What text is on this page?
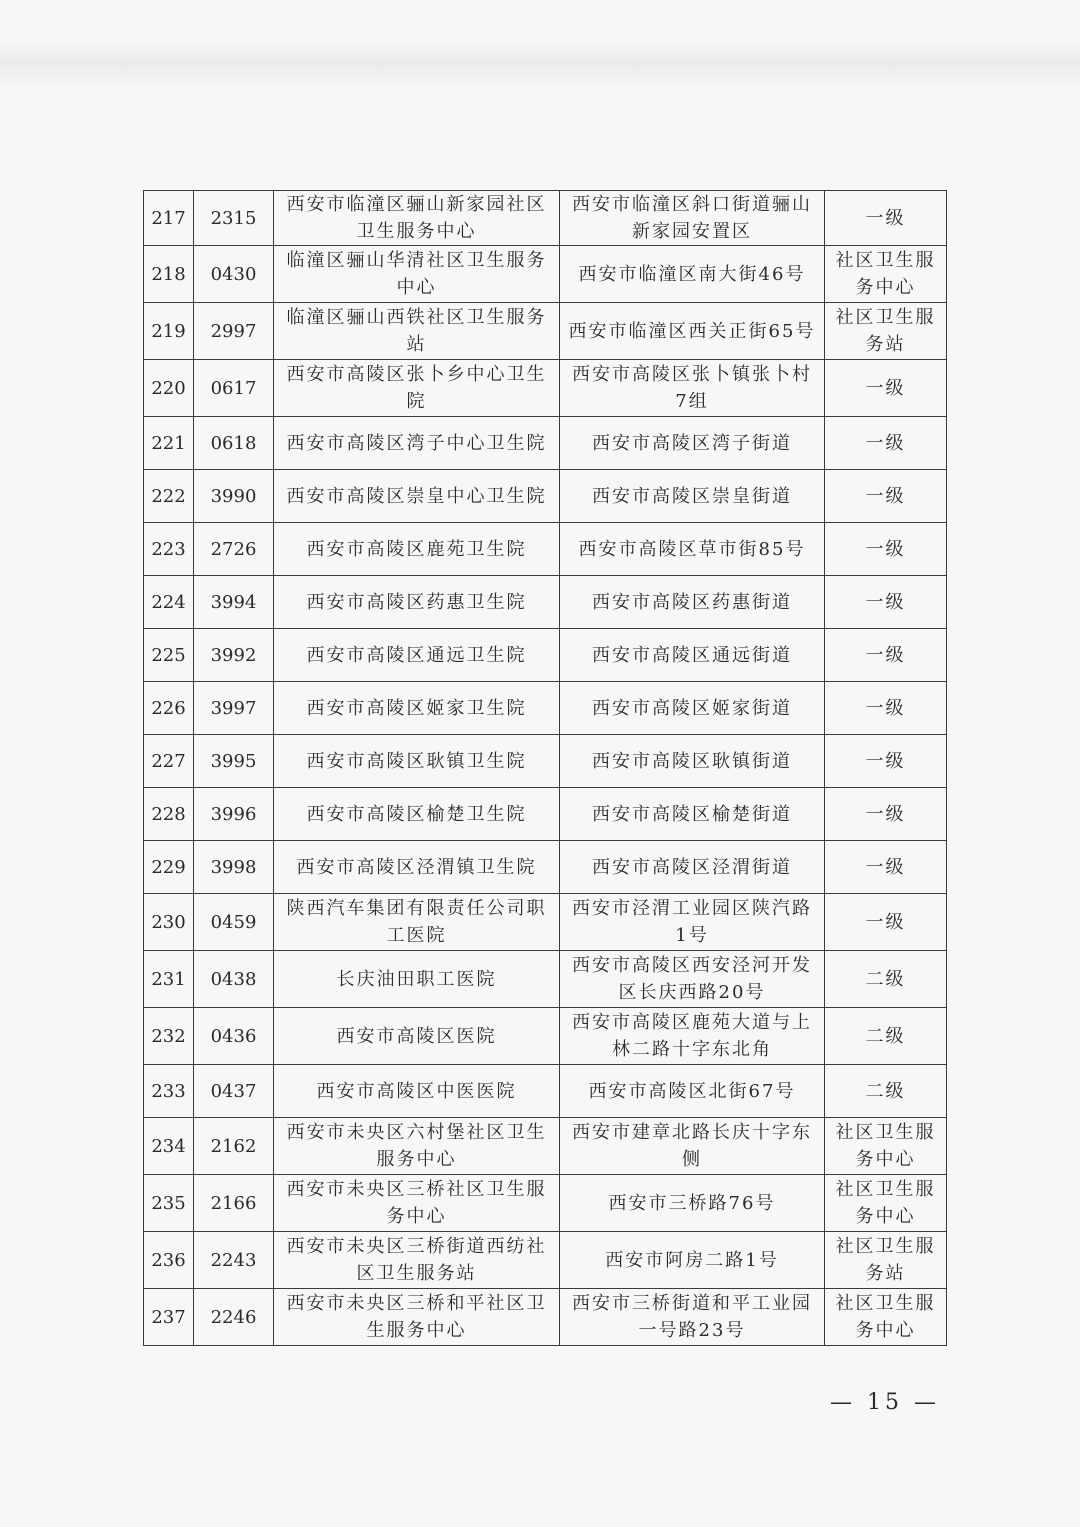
217	2315	西安市临潼区骊山新家园社区卫生服务中心	西安市临潼区斜口街道骊山新家园安置区	一级
218	0430	临潼区骊山华清社区卫生服务中心	西安市临潼区南大街46号	社区卫生服务中心
219	2997	临潼区骊山西铁社区卫生服务站	西安市临潼区西关正街65号	社区卫生服务站
220	0617	西安市高陵区张卜乡中心卫生院	西安市高陵区张卜镇张卜村7组	一级
221	0618	西安市高陵区湾子中心卫生院	西安市高陵区湾子街道	一级
222	3990	西安市高陵区崇皇中心卫生院	西安市高陵区崇皇街道	一级
223	2726	西安市高陵区鹿苑卫生院	西安市高陵区草市街85号	一级
224	3994	西安市高陵区药惠卫生院	西安市高陵区药惠街道	一级
225	3992	西安市高陵区通远卫生院	西安市高陵区通远街道	一级
226	3997	西安市高陵区姬家卫生院	西安市高陵区姬家街道	一级
227	3995	西安市高陵区耿镇卫生院	西安市高陵区耿镇街道	一级
228	3996	西安市高陵区榆楚卫生院	西安市高陵区榆楚街道	一级
229	3998	西安市高陵区泾渭镇卫生院	西安市高陵区泾渭街道	一级
230	0459	陕西汽车集团有限责任公司职工医院	西安市泾渭工业园区陕汽路1号	一级
231	0438	长庆油田职工医院	西安市高陵区西安泾河开发区长庆西路20号	二级
232	0436	西安市高陵区医院	西安市高陵区鹿苑大道与上林二路十字东北角	二级
233	0437	西安市高陵区中医医院	西安市高陵区北街67号	二级
234	2162	西安市未央区六村堡社区卫生服务中心	西安市建章北路长庆十字东侧	社区卫生服务中心
235	2166	西安市未央区三桥社区卫生服务中心	西安市三桥路76号	社区卫生服务中心
236	2243	西安市未央区三桥街道西纺社区卫生服务站	西安市阿房二路1号	社区卫生服务站
237	2246	西安市未央区三桥和平社区卫生服务中心	西安市三桥街道和平工业园一号路23号	社区卫生服务中心
— 15 —
